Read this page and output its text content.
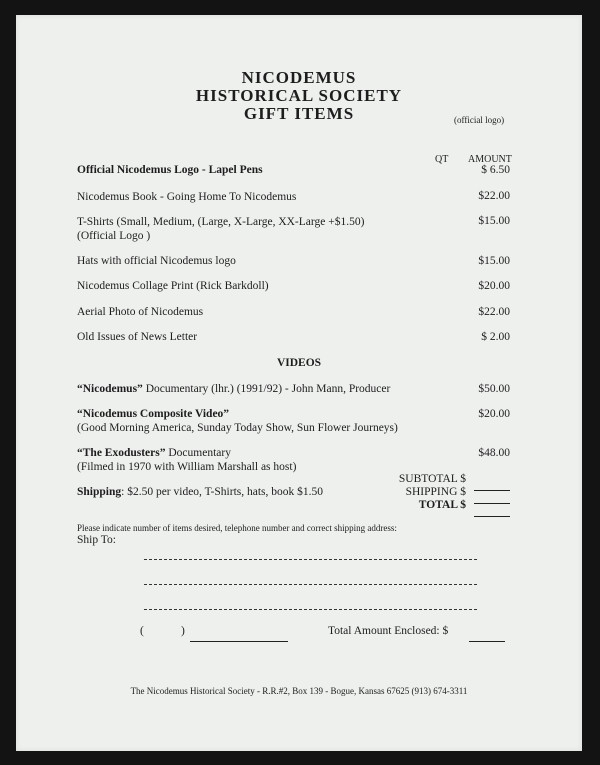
NICODEMUS
HISTORICAL SOCIETY
GIFT ITEMS	(official logo)
QT AMOUNT
Official Nicodemus Logo - Lapel Pens	$ 6.50
Nicodemus Book - Going Home To Nicodemus	$22.00
T-Shirts (Small, Medium, (Large, X-Large, XX-Large +$1.50)
(Official Logo )
$15.00
Hats with official Nicodemus logo	$15.00
Nicodemus Collage Print (Rick Barkdoll)	$20.00
Aerial Photo of Nicodemus	$22.00
Old Issues of News Letter	$ 2.00
VIDEOS
“Nicodemus” Documentary (lhr.) (1991/92) - John Mann, Producer	$50.00
“Nicodemus Composite Video”
(Good Morning America, Sunday Today Show, Sun Flower Journeys)
$20.00
“The Exodusters” Documentary
(Filmed in 1970 with William Marshall as host)
$48.00
Shipping: $2.50 per video, T-Shirts, hats, book $1.50
SUBTOTAL $
SHIPPING $
TOTAL $
Please indicate number of items desired, telephone number and correct shipping address:
Ship To:
(	)	Total Amount Enclosed: $
The Nicodemus Historical Society - R.R.#2, Box 139 - Bogue, Kansas 67625 (913) 674-3311
